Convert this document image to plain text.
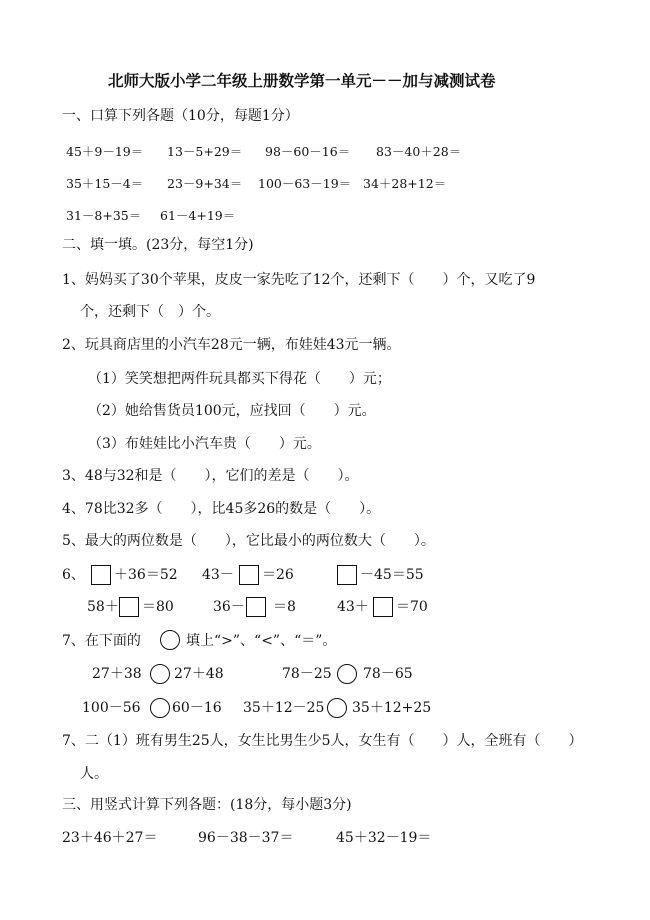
北师大版小学二年级上册数学第一单元－－加与减测试卷
一、口算下列各题（10分，每题1分）
45＋9－19＝ 13－5+29＝ 98－60－16＝ 83－40＋28＝
35＋15－4＝ 23－9+34＝ 100－63－19＝ 34＋28+12＝
31－8+35＝ 61－4+19＝
二、填一填。(23分，每空1分)
1、妈妈买了30个苹果，皮皮一家先吃了12个，还剩下（　　）个，又吃了9
个，还剩下（　）个。
2、玩具商店里的小汽车28元一辆，布娃娃43元一辆。
（1）笑笑想把两件玩具都买下得花（　　）元；
（2）她给售货员100元，应找回（　　）元。
（3）布娃娃比小汽车贵（　　）元。
3、48与32和是（　　），它们的差是（　　）。
4、78比32多（　　），比45多26的数是（　　）。
5、最大的两位数是（　　），它比最小的两位数大（　　）。
6、 ＋36＝52 43－ ＝26	－45＝55
58＋ ＝80	36－ ＝8	43＋ ＝70
7、在下面的	填上“>”、“<”、“＝”。
27＋38 27＋48	78－25 78－65
100－56 60－16 35＋12－25 35＋12+25
7、二（1）班有男生25人，女生比男生少5人，女生有（　　）人，全班有（　　）
人。
三、用竖式计算下列各题：(18分，每小题3分)
23＋46＋27＝	96－38－37＝	45＋32－19＝
